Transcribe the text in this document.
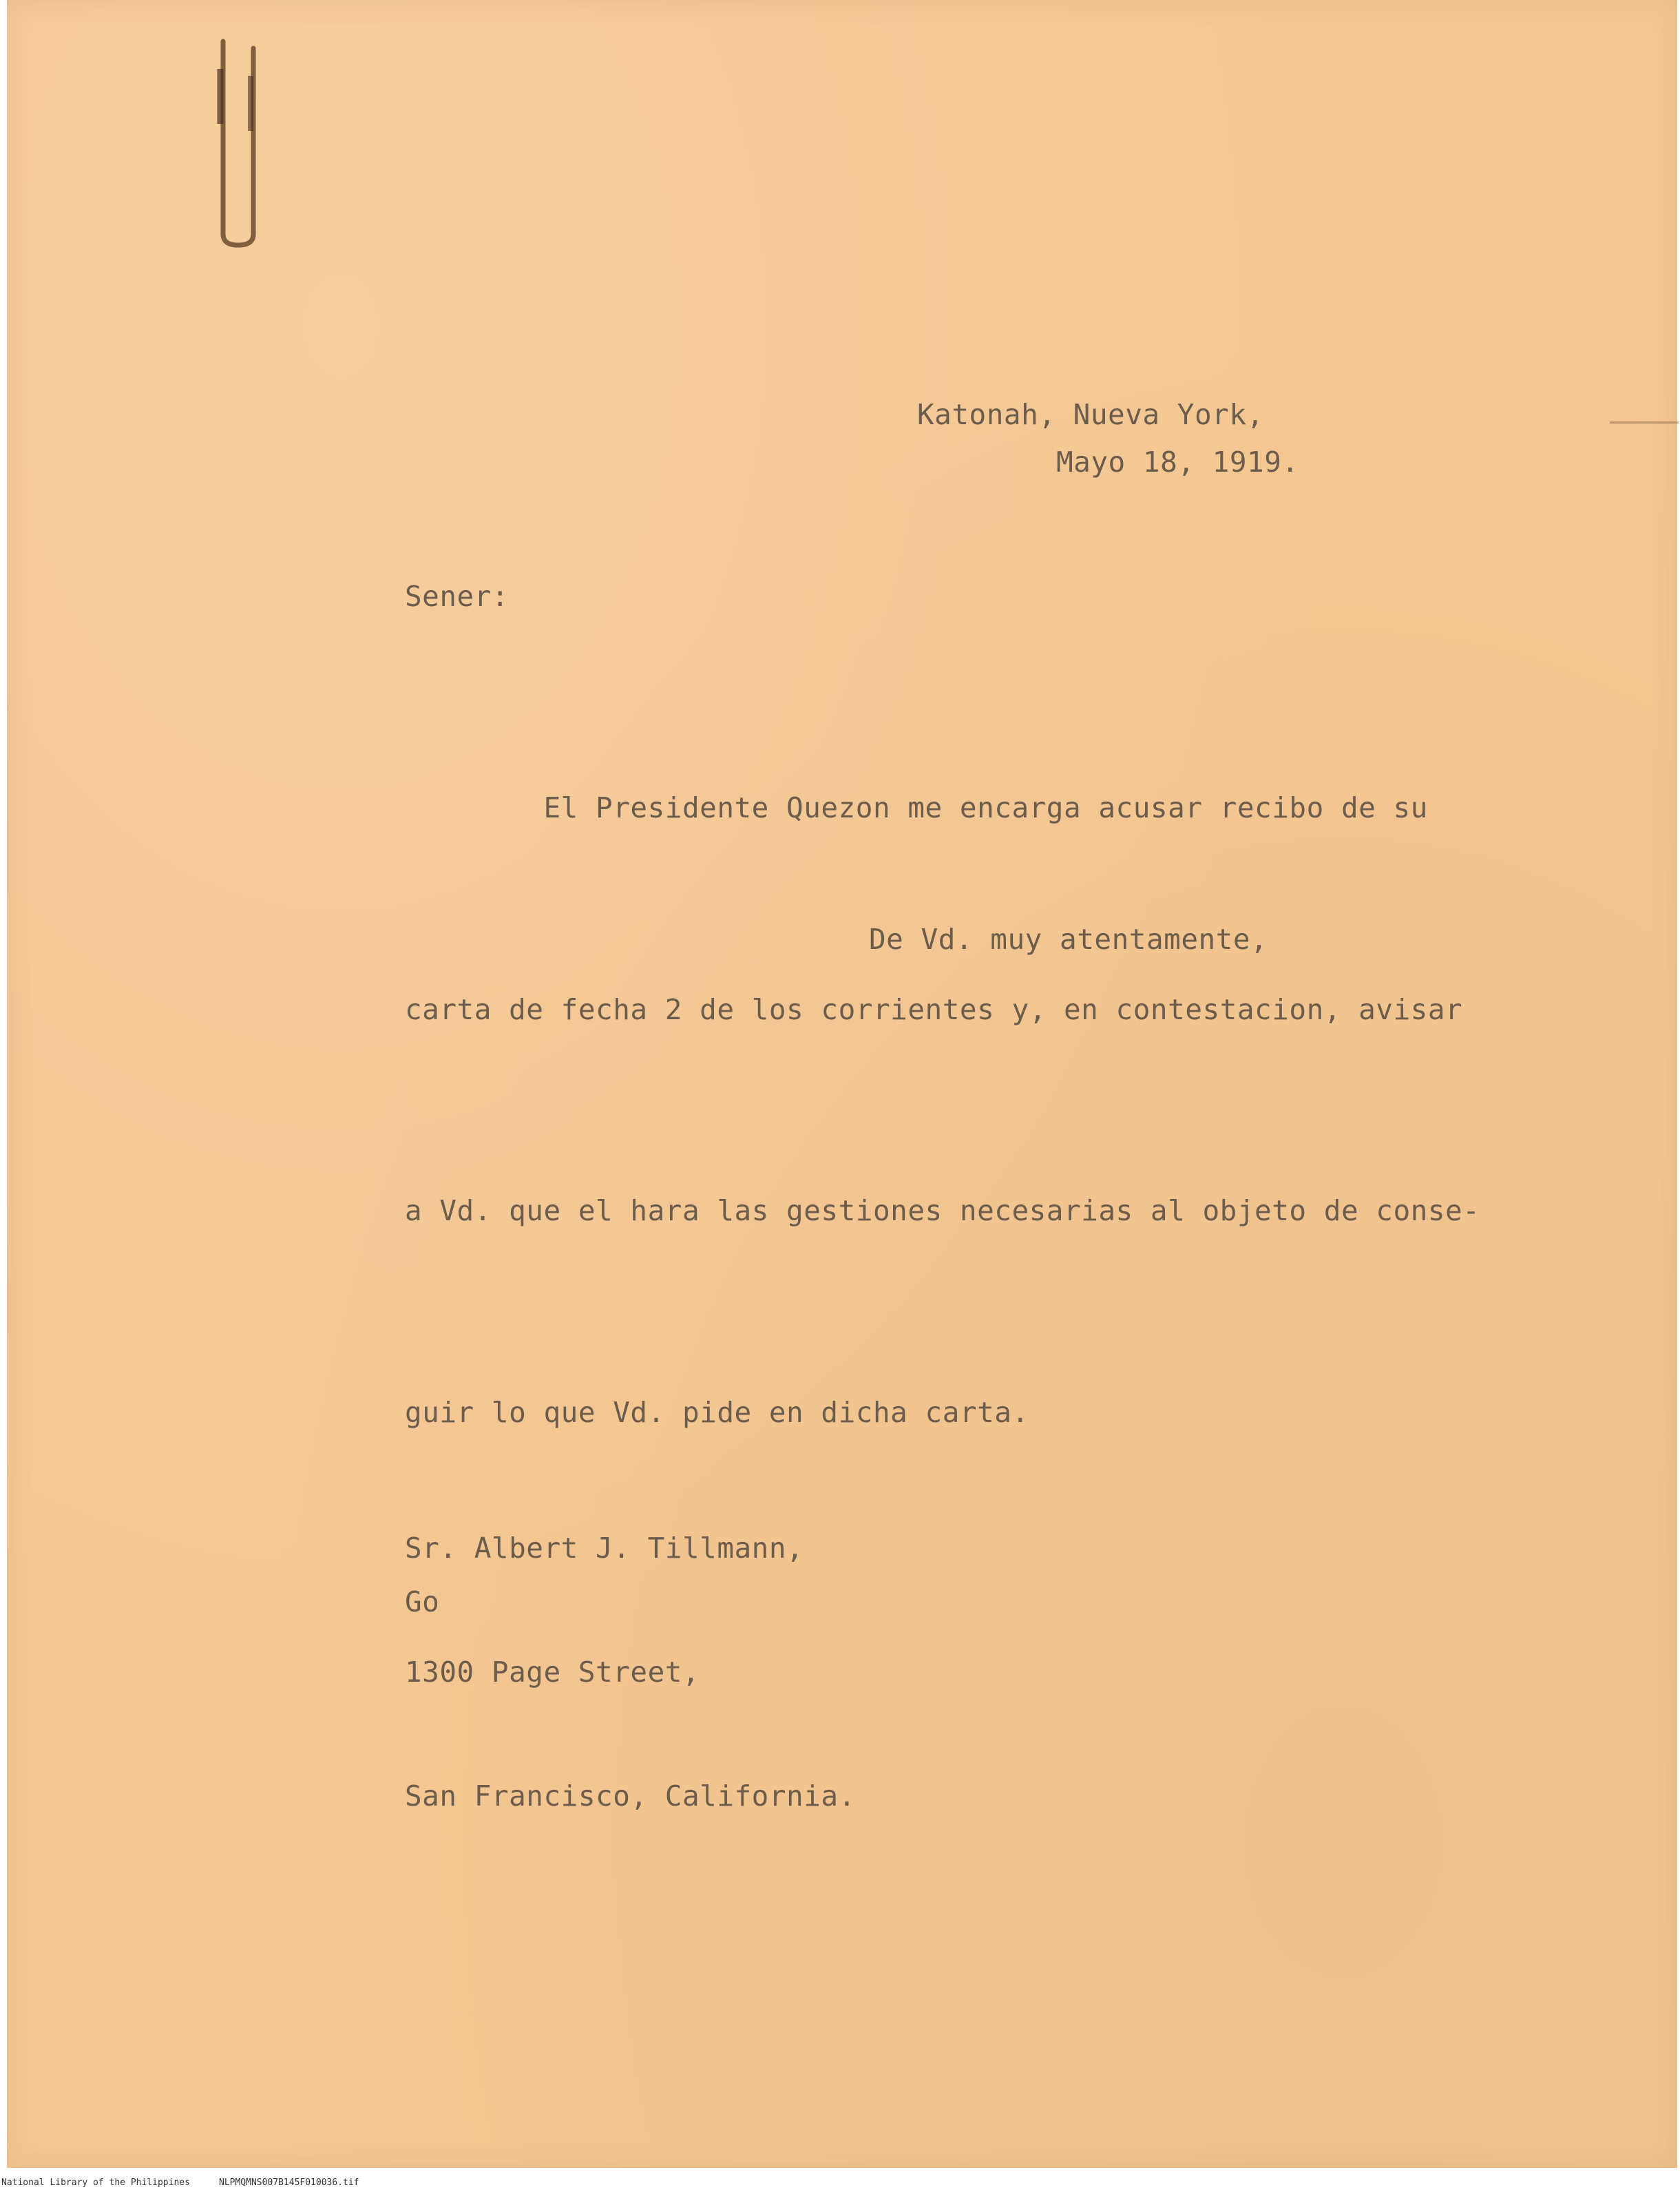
Katonah, Nueva York,
Mayo 18, 1919.
Sener:

El Presidente Quezon me encarga acusar recibo de su

carta de fecha 2 de los corrientes y, en contestacion, avisar

a Vd. que el hara las gestiones necesarias al objeto de conse-

guir lo que Vd. pide en dicha carta.

De Vd. muy atentamente,

Sr. Albert J. Tillmann,

1300 Page Street,

San Francisco, California.

Go
National Library of the Philippines	NLPMQMNS007B145F010036.tif
